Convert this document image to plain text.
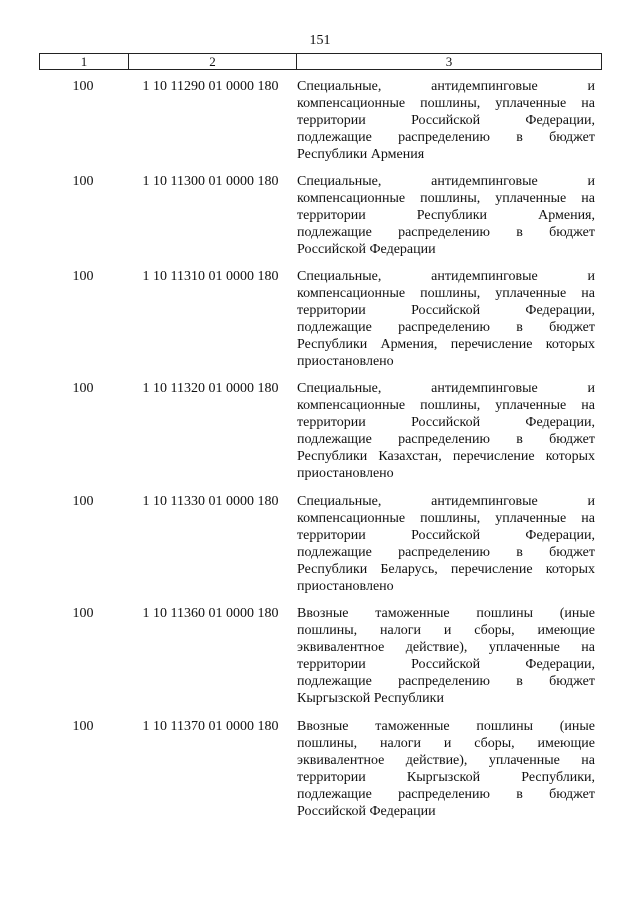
151
1	2	3
100	1 10 11290 01 0000 180	Специальные, антидемпинговые и
компенсационные пошлины, уплаченные на
территории Российской Федерации,
подлежащие распределению в бюджет
Республики Армения
100	1 10 11300 01 0000 180	Специальные, антидемпинговые и
компенсационные пошлины, уплаченные на
территории Республики Армения,
подлежащие распределению в бюджет
Российской Федерации
100	1 10 11310 01 0000 180	Специальные, антидемпинговые и
компенсационные пошлины, уплаченные на
территории Российской Федерации,
подлежащие распределению в бюджет
Республики Армения, перечисление которых
приостановлено
100	1 10 11320 01 0000 180	Специальные, антидемпинговые и
компенсационные пошлины, уплаченные на
территории Российской Федерации,
подлежащие распределению в бюджет
Республики Казахстан, перечисление которых
приостановлено
100	1 10 11330 01 0000 180	Специальные, антидемпинговые и
компенсационные пошлины, уплаченные на
территории Российской Федерации,
подлежащие распределению в бюджет
Республики Беларусь, перечисление которых
приостановлено
100	1 10 11360 01 0000 180	Ввозные таможенные пошлины (иные
пошлины, налоги и сборы, имеющие
эквивалентное действие), уплаченные на
территории Российской Федерации,
подлежащие распределению в бюджет
Кыргызской Республики
100	1 10 11370 01 0000 180	Ввозные таможенные пошлины (иные
пошлины, налоги и сборы, имеющие
эквивалентное действие), уплаченные на
территории Кыргызской Республики,
подлежащие распределению в бюджет
Российской Федерации
